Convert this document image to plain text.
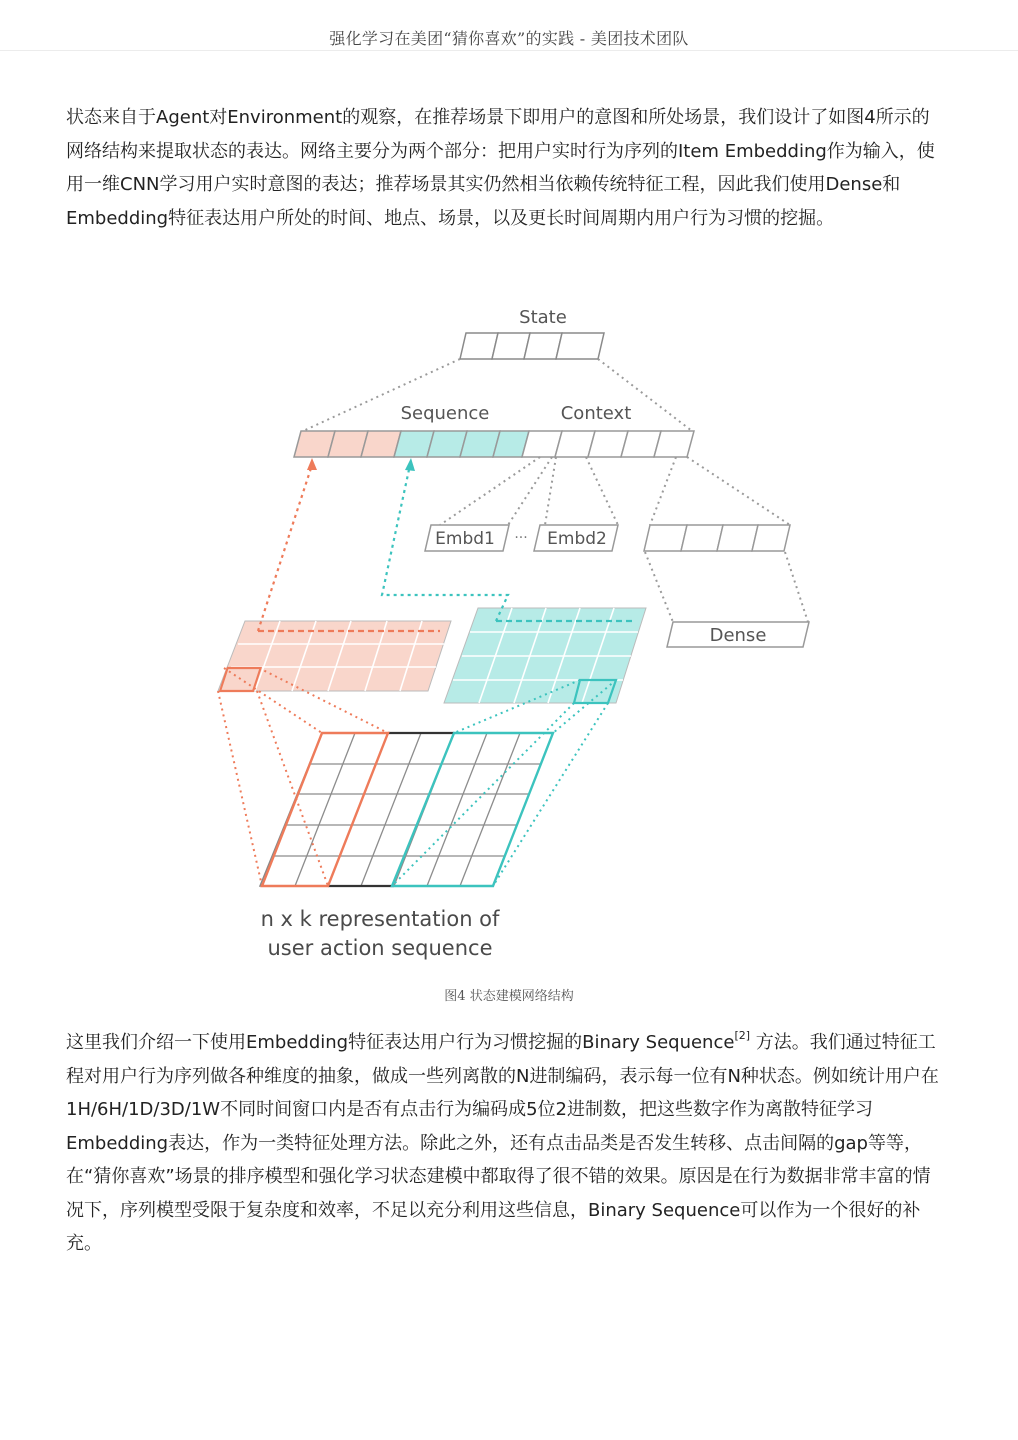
强化学习在美团“猜你喜欢”的实践 - 美团技术团队

状态来自于Agent对Environment的观察，在推荐场景下即用户的意图和所处场景，我们设计了如图4所示的网络结构来提取状态的表达。网络主要分为两个部分：把用户实时行为序列的Item Embedding作为输入，使用一维CNN学习用户实时意图的表达；推荐场景其实仍然相当依赖传统特征工程，因此我们使用Dense和Embedding特征表达用户所处的时间、地点、场景，以及更长时间周期内用户行为习惯的挖掘。

State
Sequence	Context
Embd1 ··· Embd2
Dense
n x k representation of
user action sequence
图4 状态建模网络结构

这里我们介绍一下使用Embedding特征表达用户行为习惯挖掘的Binary Sequence[2] 方法。我们通过特征工程对用户行为序列做各种维度的抽象，做成一些列离散的N进制编码，表示每一位有N种状态。例如统计用户在1H/6H/1D/3D/1W不同时间窗口内是否有点击行为编码成5位2进制数，把这些数字作为离散特征学习Embedding表达，作为一类特征处理方法。除此之外，还有点击品类是否发生转移、点击间隔的gap等等，在“猜你喜欢”场景的排序模型和强化学习状态建模中都取得了很不错的效果。原因是在行为数据非常丰富的情况下，序列模型受限于复杂度和效率，不足以充分利用这些信息，Binary Sequence可以作为一个很好的补充。
